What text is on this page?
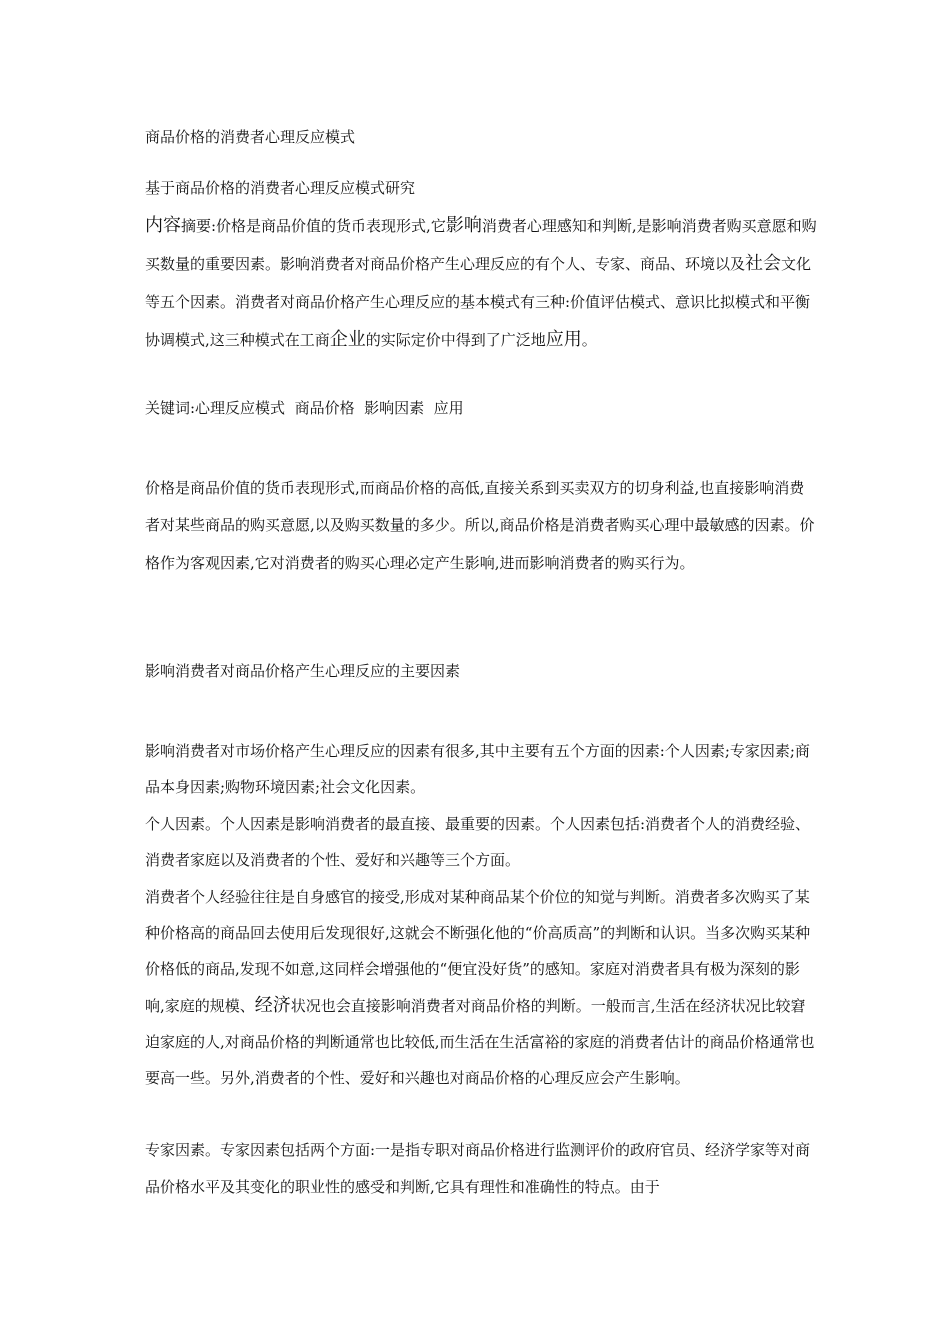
商品价格的消费者心理反应模式
基于商品价格的消费者心理反应模式研究
内容摘要:价格是商品价值的货币表现形式,它影响消费者心理感知和判断,是影响消费者购买意愿和购买数量的重要因素。影响消费者对商品价格产生心理反应的有个人、专家、商品、环境以及社会文化等五个因素。消费者对商品价格产生心理反应的基本模式有三种:价值评估模式、意识比拟模式和平衡协调模式,这三种模式在工商企业的实际定价中得到了广泛地应用。
关键词:心理反应模式  商品价格  影响因素  应用
价格是商品价值的货币表现形式,而商品价格的高低,直接关系到买卖双方的切身利益,也直接影响消费者对某些商品的购买意愿,以及购买数量的多少。所以,商品价格是消费者购买心理中最敏感的因素。价格作为客观因素,它对消费者的购买心理必定产生影响,进而影响消费者的购买行为。
影响消费者对商品价格产生心理反应的主要因素
影响消费者对市场价格产生心理反应的因素有很多,其中主要有五个方面的因素:个人因素;专家因素;商品本身因素;购物环境因素;社会文化因素。
个人因素。个人因素是影响消费者的最直接、最重要的因素。个人因素包括:消费者个人的消费经验、消费者家庭以及消费者的个性、爱好和兴趣等三个方面。
消费者个人经验往往是自身感官的接受,形成对某种商品某个价位的知觉与判断。消费者多次购买了某种价格高的商品回去使用后发现很好,这就会不断强化他的“价高质高”的判断和认识。当多次购买某种价格低的商品,发现不如意,这同样会增强他的“便宜没好货”的感知。家庭对消费者具有极为深刻的影响,家庭的规模、经济状况也会直接影响消费者对商品价格的判断。一般而言,生活在经济状况比较窘迫家庭的人,对商品价格的判断通常也比较低,而生活在生活富裕的家庭的消费者估计的商品价格通常也要高一些。另外,消费者的个性、爱好和兴趣也对商品价格的心理反应会产生影响。
专家因素。专家因素包括两个方面:一是指专职对商品价格进行监测评价的政府官员、经济学家等对商品价格水平及其变化的职业性的感受和判断,它具有理性和准确性的特点。由于
